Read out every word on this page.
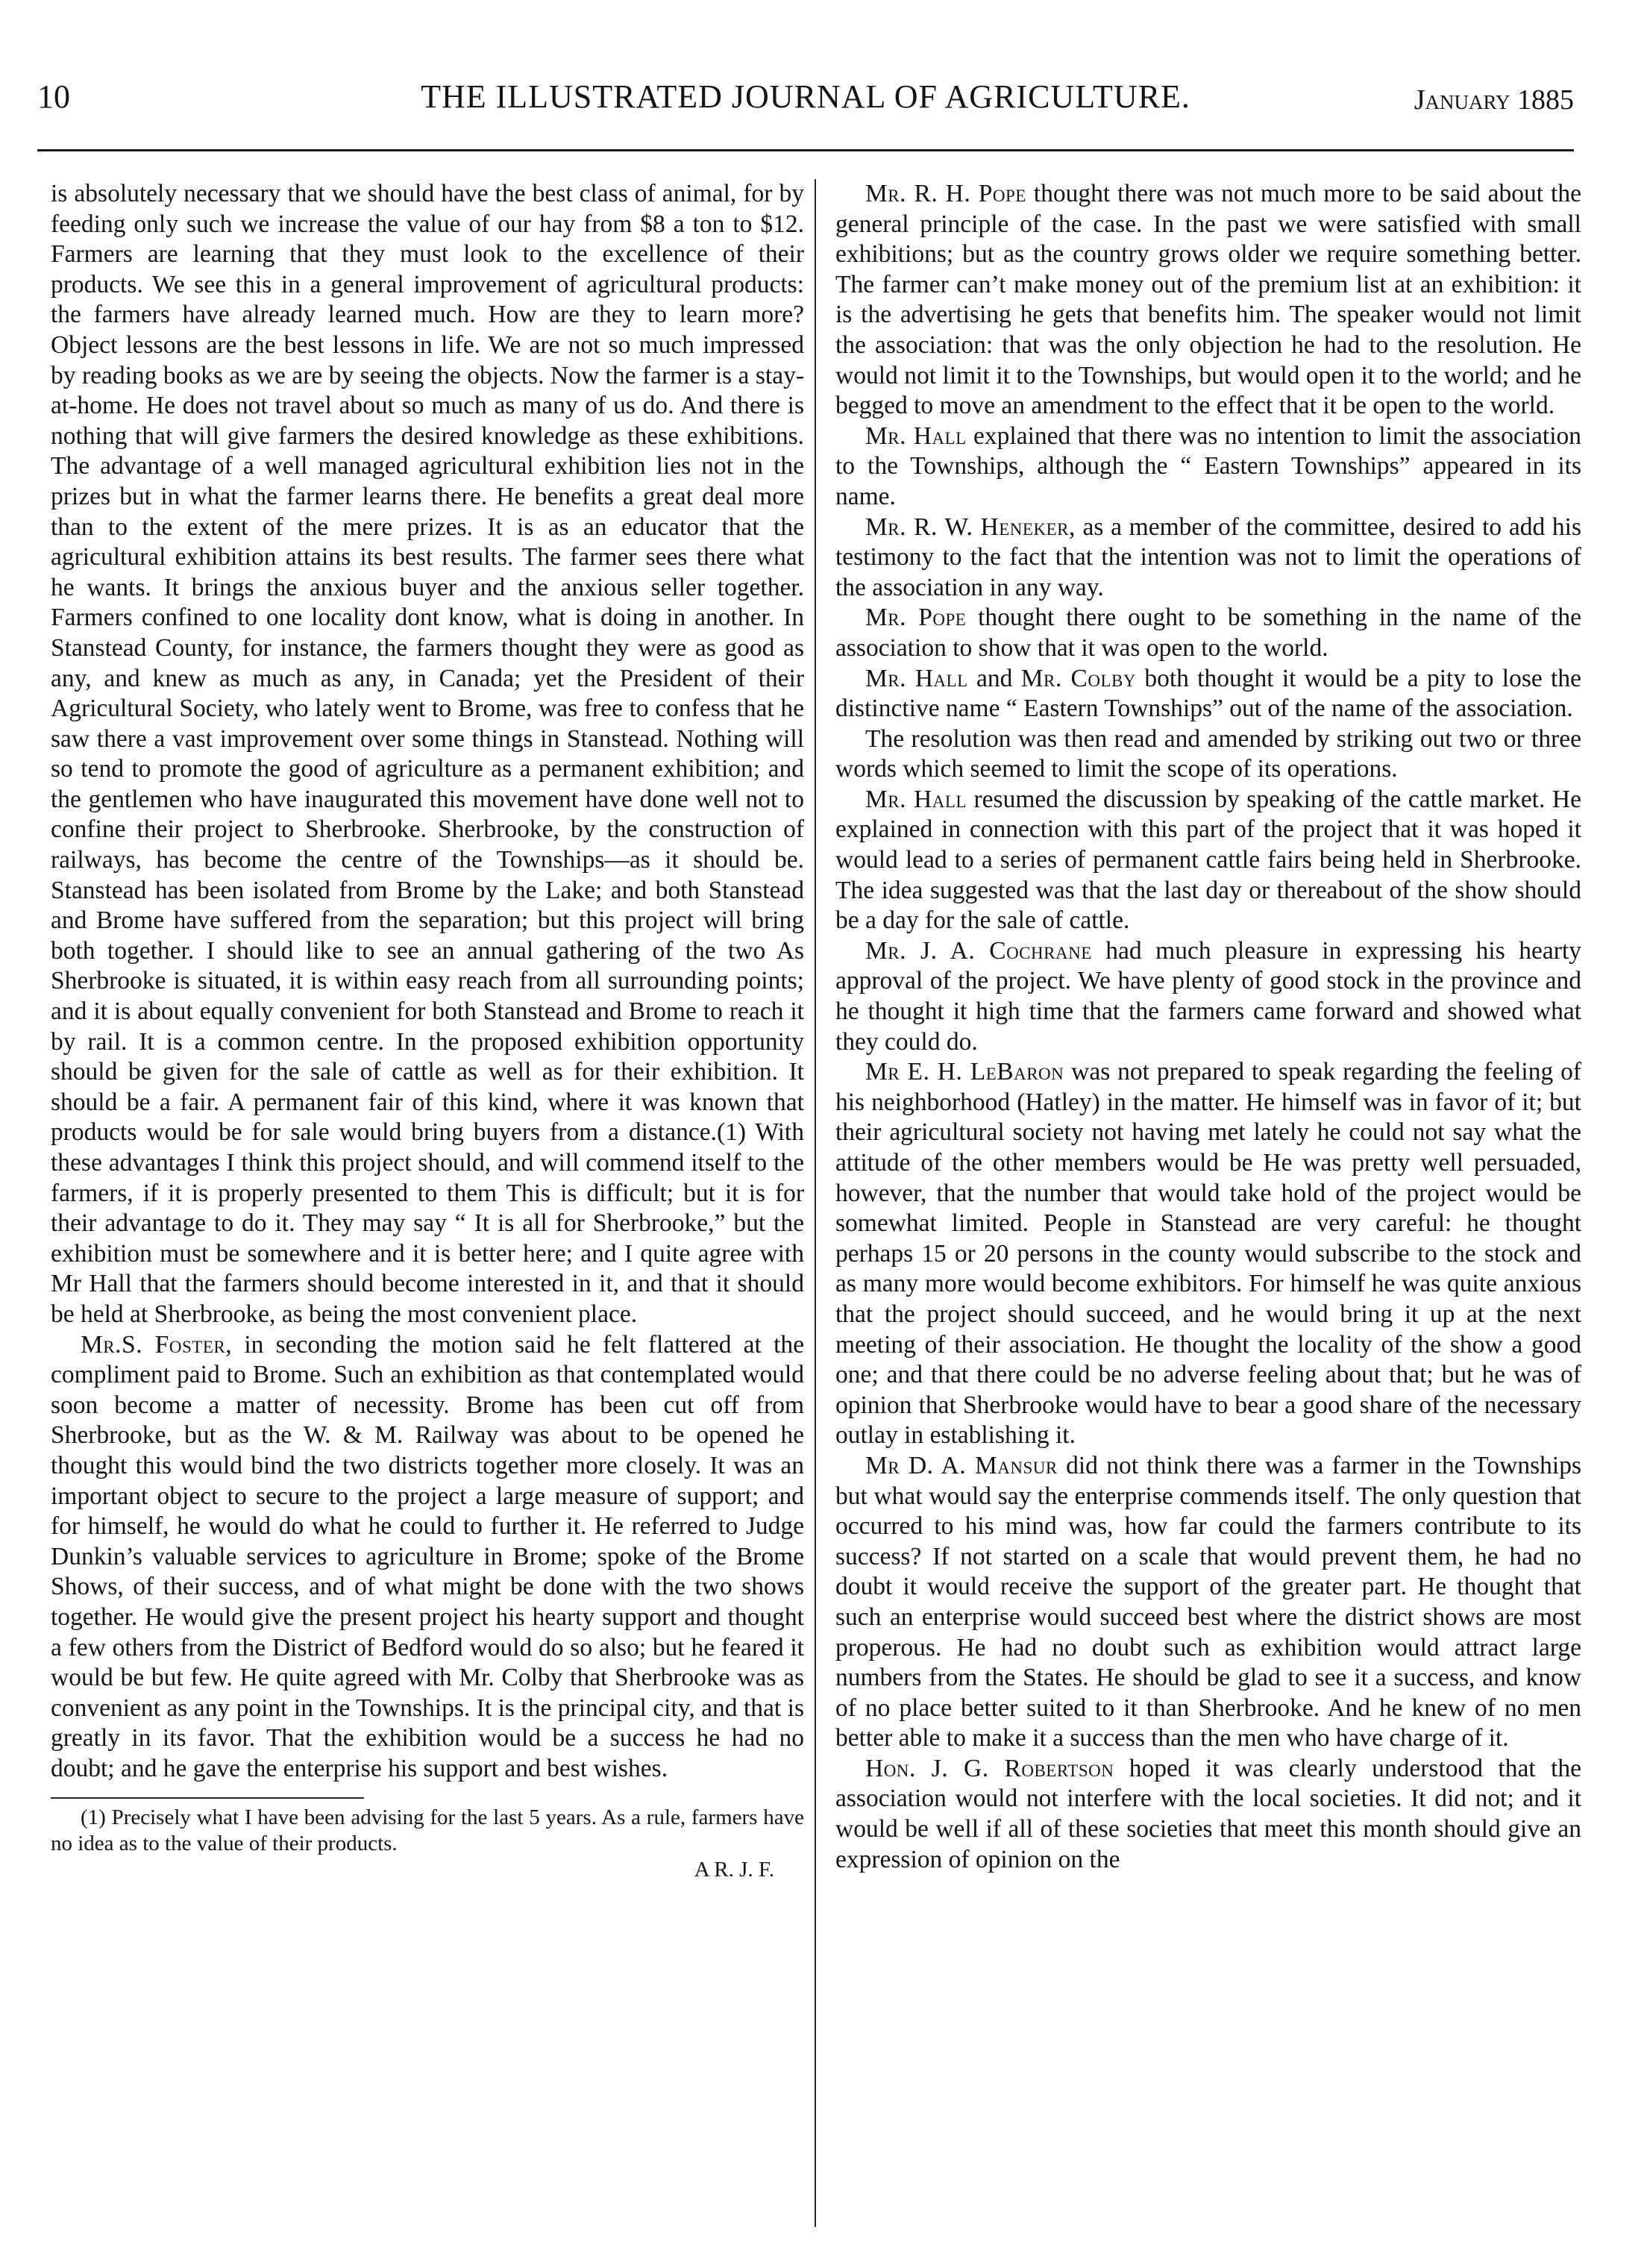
10	THE ILLUSTRATED JOURNAL OF AGRICULTURE.	January 1885

is absolutely necessary that we should have the best class of animal, for by feeding only such we increase the value of our hay from $8 a ton to $12. Farmers are learning that they must look to the excellence of their products. We see this in a general improvement of agricultural products: the farmers have already learned much. How are they to learn more? Object lessons are the best lessons in life. We are not so much impressed by reading books as we are by seeing the objects. Now the farmer is a stay-at-home. He does not travel about so much as many of us do. And there is nothing that will give farmers the desired knowledge as these exhibitions. The advantage of a well managed agricultural exhibition lies not in the prizes but in what the farmer learns there. He benefits a great deal more than to the extent of the mere prizes. It is as an educator that the agricultural exhibition attains its best results. The farmer sees there what he wants. It brings the anxious buyer and the anxious seller together. Farmers confined to one locality dont know, what is doing in another. In Stanstead County, for instance, the farmers thought they were as good as any, and knew as much as any, in Canada; yet the President of their Agricultural Society, who lately went to Brome, was free to confess that he saw there a vast improvement over some things in Stanstead. Nothing will so tend to promote the good of agriculture as a permanent exhibition; and the gentlemen who have inaugurated this movement have done well not to confine their project to Sherbrooke. Sherbrooke, by the construction of railways, has become the centre of the Townships—as it should be. Stanstead has been isolated from Brome by the Lake; and both Stanstead and Brome have suffered from the separation; but this project will bring both together. I should like to see an annual gathering of the two As Sherbrooke is situated, it is within easy reach from all surrounding points; and it is about equally convenient for both Stanstead and Brome to reach it by rail. It is a common centre. In the proposed exhibition opportunity should be given for the sale of cattle as well as for their exhibition. It should be a fair. A permanent fair of this kind, where it was known that products would be for sale would bring buyers from a distance.(1) With these advantages I think this project should, and will commend itself to the farmers, if it is properly presented to them This is difficult; but it is for their advantage to do it. They may say “ It is all for Sherbrooke,” but the exhibition must be somewhere and it is better here; and I quite agree with Mr Hall that the farmers should become interested in it, and that it should be held at Sherbrooke, as being the most convenient place.

Mr.S. Foster, in seconding the motion said he felt flattered at the compliment paid to Brome. Such an exhibition as that contemplated would soon become a matter of necessity. Brome has been cut off from Sherbrooke, but as the W. & M. Railway was about to be opened he thought this would bind the two districts together more closely. It was an important object to secure to the project a large measure of support; and for himself, he would do what he could to further it. He referred to Judge Dunkin’s valuable services to agriculture in Brome; spoke of the Brome Shows, of their success, and of what might be done with the two shows together. He would give the present project his hearty support and thought a few others from the District of Bedford would do so also; but he feared it would be but few. He quite agreed with Mr. Colby that Sherbrooke was as convenient as any point in the Townships. It is the principal city, and that is greatly in its favor. That the exhibition would be a success he had no doubt; and he gave the enterprise his support and best wishes.

(1) Precisely what I have been advising for the last 5 years. As a rule, farmers have no idea as to the value of their products.

A R. J. F.

Mr. R. H. Pope thought there was not much more to be said about the general principle of the case. In the past we were satisfied with small exhibitions; but as the country grows older we require something better. The farmer can’t make money out of the premium list at an exhibition: it is the advertising he gets that benefits him. The speaker would not limit the association: that was the only objection he had to the resolution. He would not limit it to the Townships, but would open it to the world; and he begged to move an amendment to the effect that it be open to the world.

Mr. Hall explained that there was no intention to limit the association to the Townships, although the “ Eastern Townships” appeared in its name.

Mr. R. W. Heneker, as a member of the committee, desired to add his testimony to the fact that the intention was not to limit the operations of the association in any way.

Mr. Pope thought there ought to be something in the name of the association to show that it was open to the world.

Mr. Hall and Mr. Colby both thought it would be a pity to lose the distinctive name “ Eastern Townships” out of the name of the association.

The resolution was then read and amended by striking out two or three words which seemed to limit the scope of its operations.

Mr. Hall resumed the discussion by speaking of the cattle market. He explained in connection with this part of the project that it was hoped it would lead to a series of permanent cattle fairs being held in Sherbrooke. The idea suggested was that the last day or thereabout of the show should be a day for the sale of cattle.

Mr. J. A. Cochrane had much pleasure in expressing his hearty approval of the project. We have plenty of good stock in the province and he thought it high time that the farmers came forward and showed what they could do.

Mr E. H. LeBaron was not prepared to speak regarding the feeling of his neighborhood (Hatley) in the matter. He himself was in favor of it; but their agricultural society not having met lately he could not say what the attitude of the other members would be He was pretty well persuaded, however, that the number that would take hold of the project would be somewhat limited. People in Stanstead are very careful: he thought perhaps 15 or 20 persons in the county would subscribe to the stock and as many more would become exhibitors. For himself he was quite anxious that the project should succeed, and he would bring it up at the next meeting of their association. He thought the locality of the show a good one; and that there could be no adverse feeling about that; but he was of opinion that Sherbrooke would have to bear a good share of the necessary outlay in establishing it.

Mr D. A. Mansur did not think there was a farmer in the Townships but what would say the enterprise commends itself. The only question that occurred to his mind was, how far could the farmers contribute to its success? If not started on a scale that would prevent them, he had no doubt it would receive the support of the greater part. He thought that such an enterprise would succeed best where the district shows are most properous. He had no doubt such as exhibition would attract large numbers from the States. He should be glad to see it a success, and know of no place better suited to it than Sherbrooke. And he knew of no men better able to make it a success than the men who have charge of it.

Hon. J. G. Robertson hoped it was clearly understood that the association would not interfere with the local societies. It did not; and it would be well if all of these societies that meet this month should give an expression of opinion on the
